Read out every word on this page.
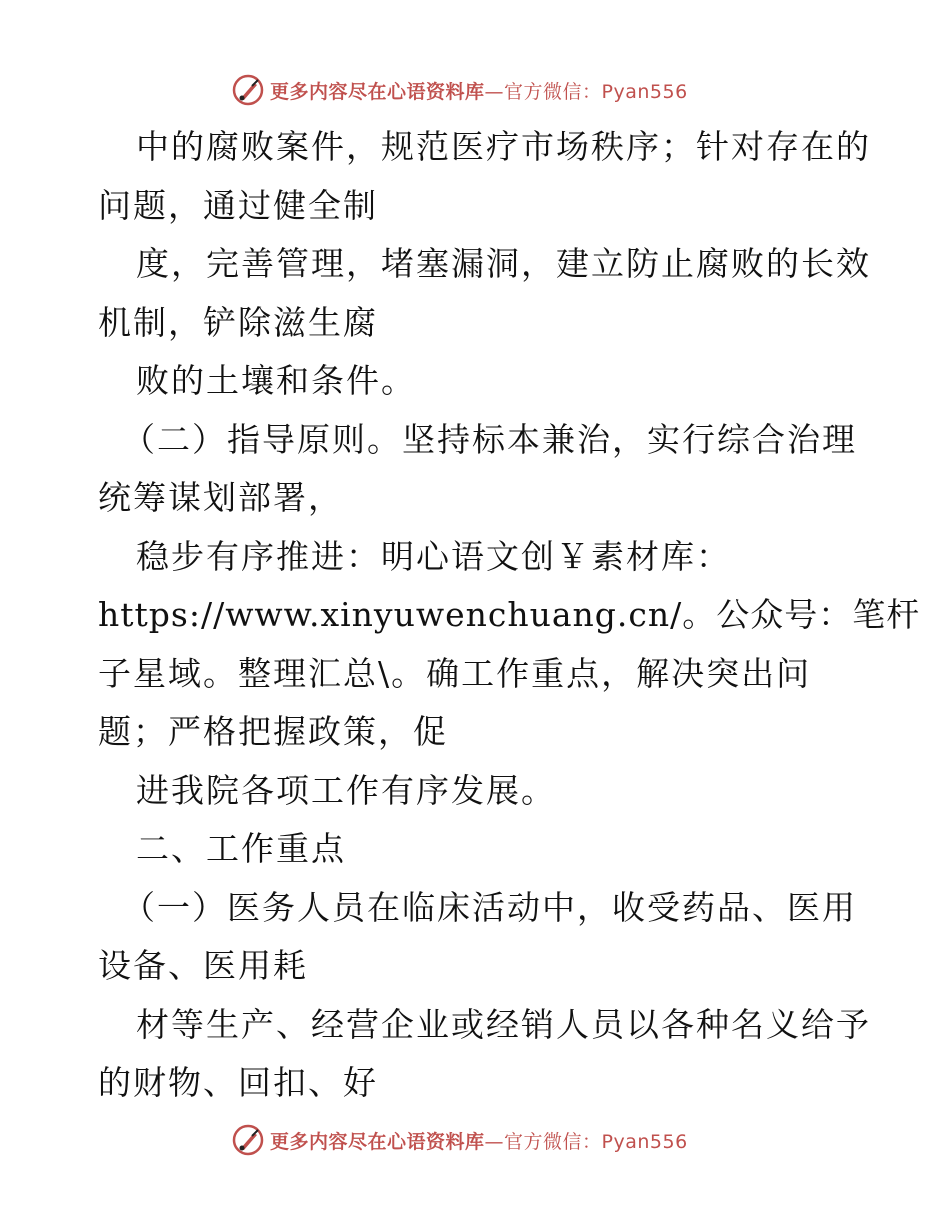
更多内容尽在心语资料库—官方微信：Pyan556
中的腐败案件，规范医疗市场秩序；针对存在的
问题，通过健全制
度，完善管理，堵塞漏洞，建立防止腐败的长效
机制，铲除滋生腐
败的土壤和条件。
（二）指导原则。坚持标本兼治，实行综合治理
统筹谋划部署，
稳步有序推进：明心语文创￥素材库：
https://www.xinyuwenchuang.cn/。公众号：笔杆
子星域。整理汇总\。确工作重点，解决突出问
题；严格把握政策，促
进我院各项工作有序发展。
二、工作重点
（一）医务人员在临床活动中，收受药品、医用
设备、医用耗
材等生产、经营企业或经销人员以各种名义给予
的财物、回扣、好
更多内容尽在心语资料库—官方微信：Pyan556
